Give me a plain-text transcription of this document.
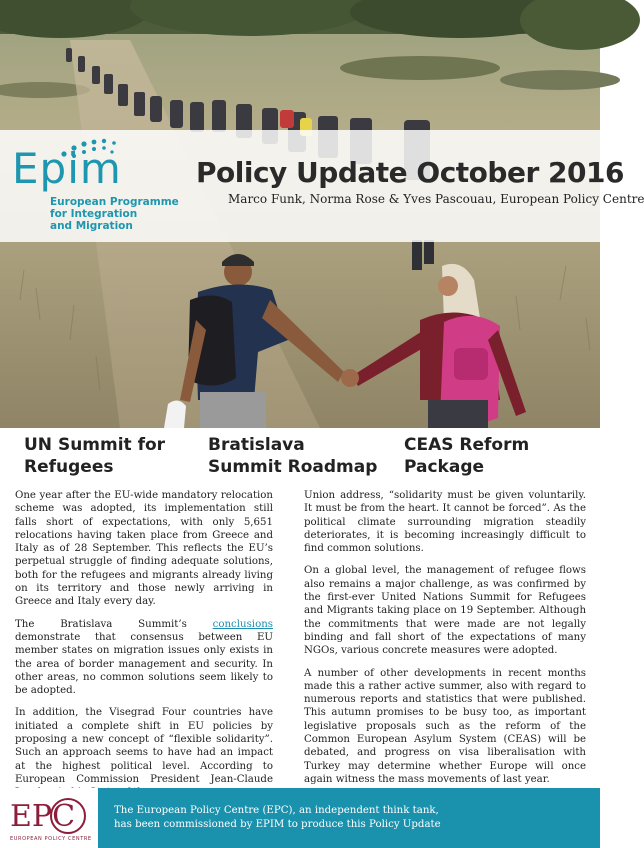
Epim
European Programme
for Integration
and Migration
Policy Update October 2016
Marco Funk, Norma Rose & Yves Pascouau, European Policy Centre
UN Summit for Refugees
Bratislava Summit Roadmap
CEAS Reform Package

One year after the EU-wide mandatory relocation scheme was adopted, its implementation still falls short of expectations, with only 5,651 relocations having taken place from Greece and Italy as of 28 September. This reflects the EU’s perpetual struggle of finding adequate solutions, both for the refugees and migrants already living on its territory and those newly arriving in Greece and Italy every day.

The Bratislava Summit’s conclusions demonstrate that consensus between EU member states on migration issues only exists in the area of border management and security. In other areas, no common solutions seem likely to be adopted.

In addition, the Visegrad Four countries have initiated a complete shift in EU policies by proposing a new concept of “flexible solidarity”. Such an approach seems to have had an impact at the highest political level. According to European Commission President Jean-Claude

Union address, “solidarity must be given voluntarily. It must be from the heart. It cannot be forced”. As the political climate surrounding migration steadily deteriorates, it is becoming increasingly difficult to find common solutions.

On a global level, the management of refugee flows also remains a major challenge, as was confirmed by the first-ever United Nations Summit for Refugees and Migrants taking place on 19 September. Although the commitments that were made are not legally binding and fall short of the expectations of many NGOs, various concrete measures were adopted.

A number of other developments in recent months made this a rather active summer, also with regard to numerous reports and statistics that were published. This autumn promises to be busy too, as important legislative proposals such as the reform of the Common European Asylum System (CEAS) will be debated, and progress on visa liberalisation with Turkey may determine whether Europe will once again witness the mass movements of last year.

EPC
EUROPEAN POLICY CENTRE
The European Policy Centre (EPC), an independent think tank,
has been commissioned by EPIM to produce this Policy Update
